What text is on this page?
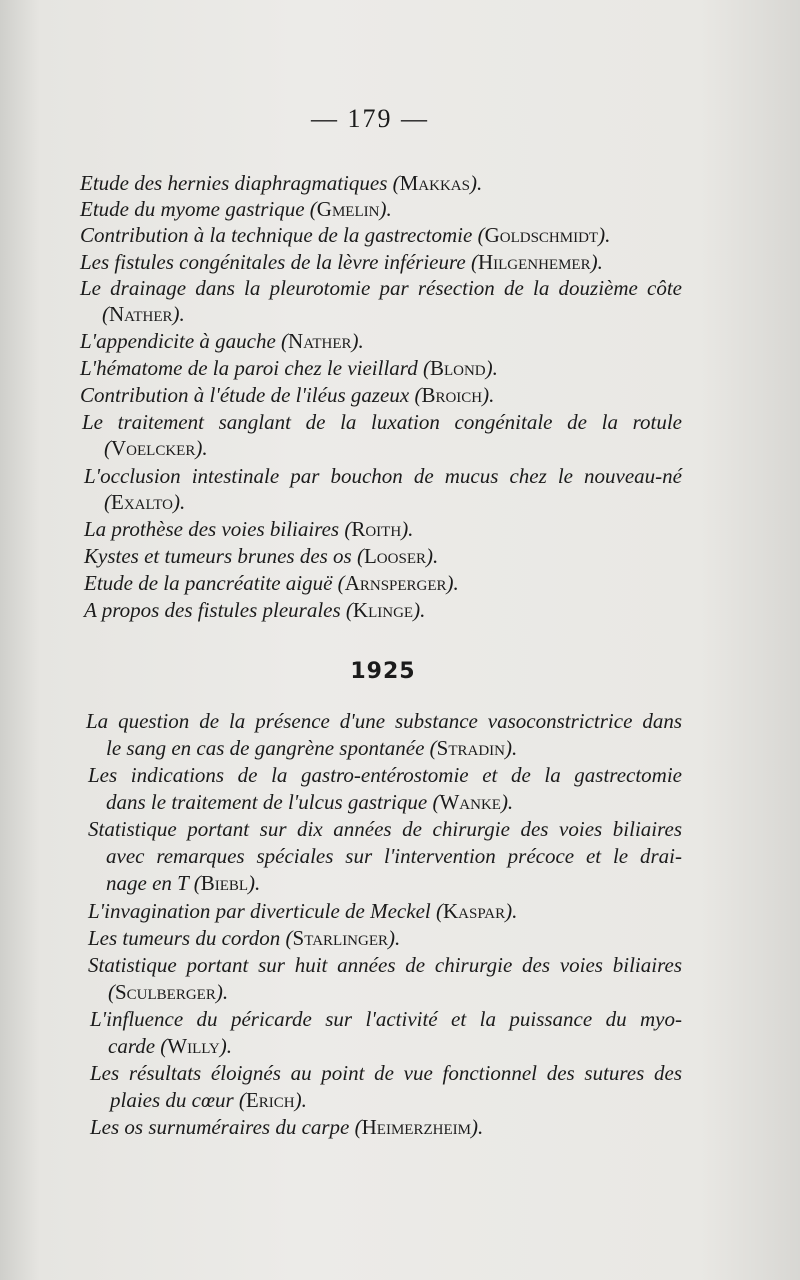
— 179 —
Etude des hernies diaphragmatiques (Makkas).
Etude du myome gastrique (Gmelin).
Contribution à la technique de la gastrectomie (Goldschmidt).
Les fistules congénitales de la lèvre inférieure (Hilgenhemer).
Le drainage dans la pleurotomie par résection de la douzième côte
(Nather).
L'appendicite à gauche (Nather).
L'hématome de la paroi chez le vieillard (Blond).
Contribution à l'étude de l'iléus gazeux (Broich).
Le traitement sanglant de la luxation congénitale de la rotule
(Voelcker).
L'occlusion intestinale par bouchon de mucus chez le nouveau-né
(Exalto).
La prothèse des voies biliaires (Roith).
Kystes et tumeurs brunes des os (Looser).
Etude de la pancréatite aiguë (Arnsperger).
A propos des fistules pleurales (Klinge).
1925
La question de la présence d'une substance vasoconstrictrice dans
le sang en cas de gangrène spontanée (Stradin).
Les indications de la gastro-entérostomie et de la gastrectomie
dans le traitement de l'ulcus gastrique (Wanke).
Statistique portant sur dix années de chirurgie des voies biliaires
avec remarques spéciales sur l'intervention précoce et le drai-
nage en T (Biebl).
L'invagination par diverticule de Meckel (Kaspar).
Les tumeurs du cordon (Starlinger).
Statistique portant sur huit années de chirurgie des voies biliaires
(Sculberger).
L'influence du péricarde sur l'activité et la puissance du myo-
carde (Willy).
Les résultats éloignés au point de vue fonctionnel des sutures des
plaies du cœur (Erich).
Les os surnuméraires du carpe (Heimerzheim).
